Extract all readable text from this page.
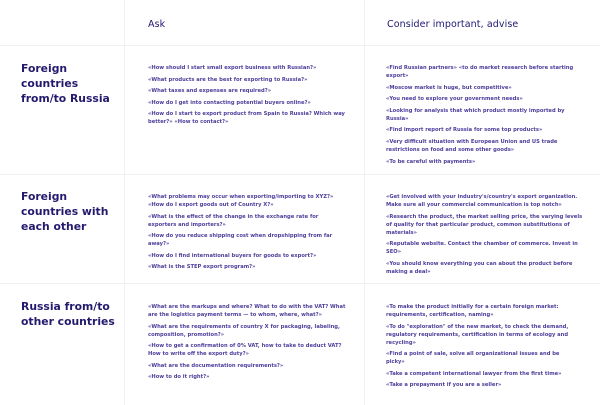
Ask	Consider important, advise
Foreign
countries
from/to Russia
«How should I start small export business with Russian?»
«What products are the best for exporting to Russia?»
«What taxes and expenses are required?»
«How do I get into contacting potential buyers online?»
«How do I start to export product from Spain to Russia? Which way better?» «How to contact?»
«Find Russian partners» «to do market research before starting export»
«Moscow market is huge, but competitive»
«You need to explore your government needs»
«Looking for analysis that which product mostly imported by Russia»
«Find import report of Russia for some top products»
«Very difficult situation with European Union and US trade restrictions on food and some other goods»
«To be careful with payments»
Foreign
countries with
each other
«What problems may occur when exporting/importing to XYZ?» «How do I export goods out of Country X?»
«What is the effect of the change in the exchange rate for exporters and importers?»
«How do you reduce shipping cost when dropshipping from far away?»
«How do I find international buyers for goods to export?»
«What is the STEP export program?»
«Get involved with your industry's/country's export organization. Make sure all your commercial communication is top notch»
«Research the product, the market selling price, the varying levels of quality for that particular product, common substitutions of materials»
«Reputable website. Contact the chamber of commerce. Invest in SEO»
«You should know everything you can about the product before making a deal»
Russia from/to
other countries
«What are the markups and where? What to do with the VAT? What are the logistics payment terms — to whom, where, what?»
«What are the requirements of country X for packaging, labeling, composition, promotion?»
«How to get a confirmation of 0% VAT, how to take to deduct VAT? How to write off the export duty?»
«What are the documentation requirements?»
«How to do it right?»
«To make the product initially for a certain foreign market: requirements, certification, naming»
«To do "exploration" of the new market, to check the demand, regulatory requirements, certification in terms of ecology and recycling»
«Find a point of sale, solve all organizational issues and be picky»
«Take a competent international lawyer from the first time»
«Take a prepayment if you are a seller»
